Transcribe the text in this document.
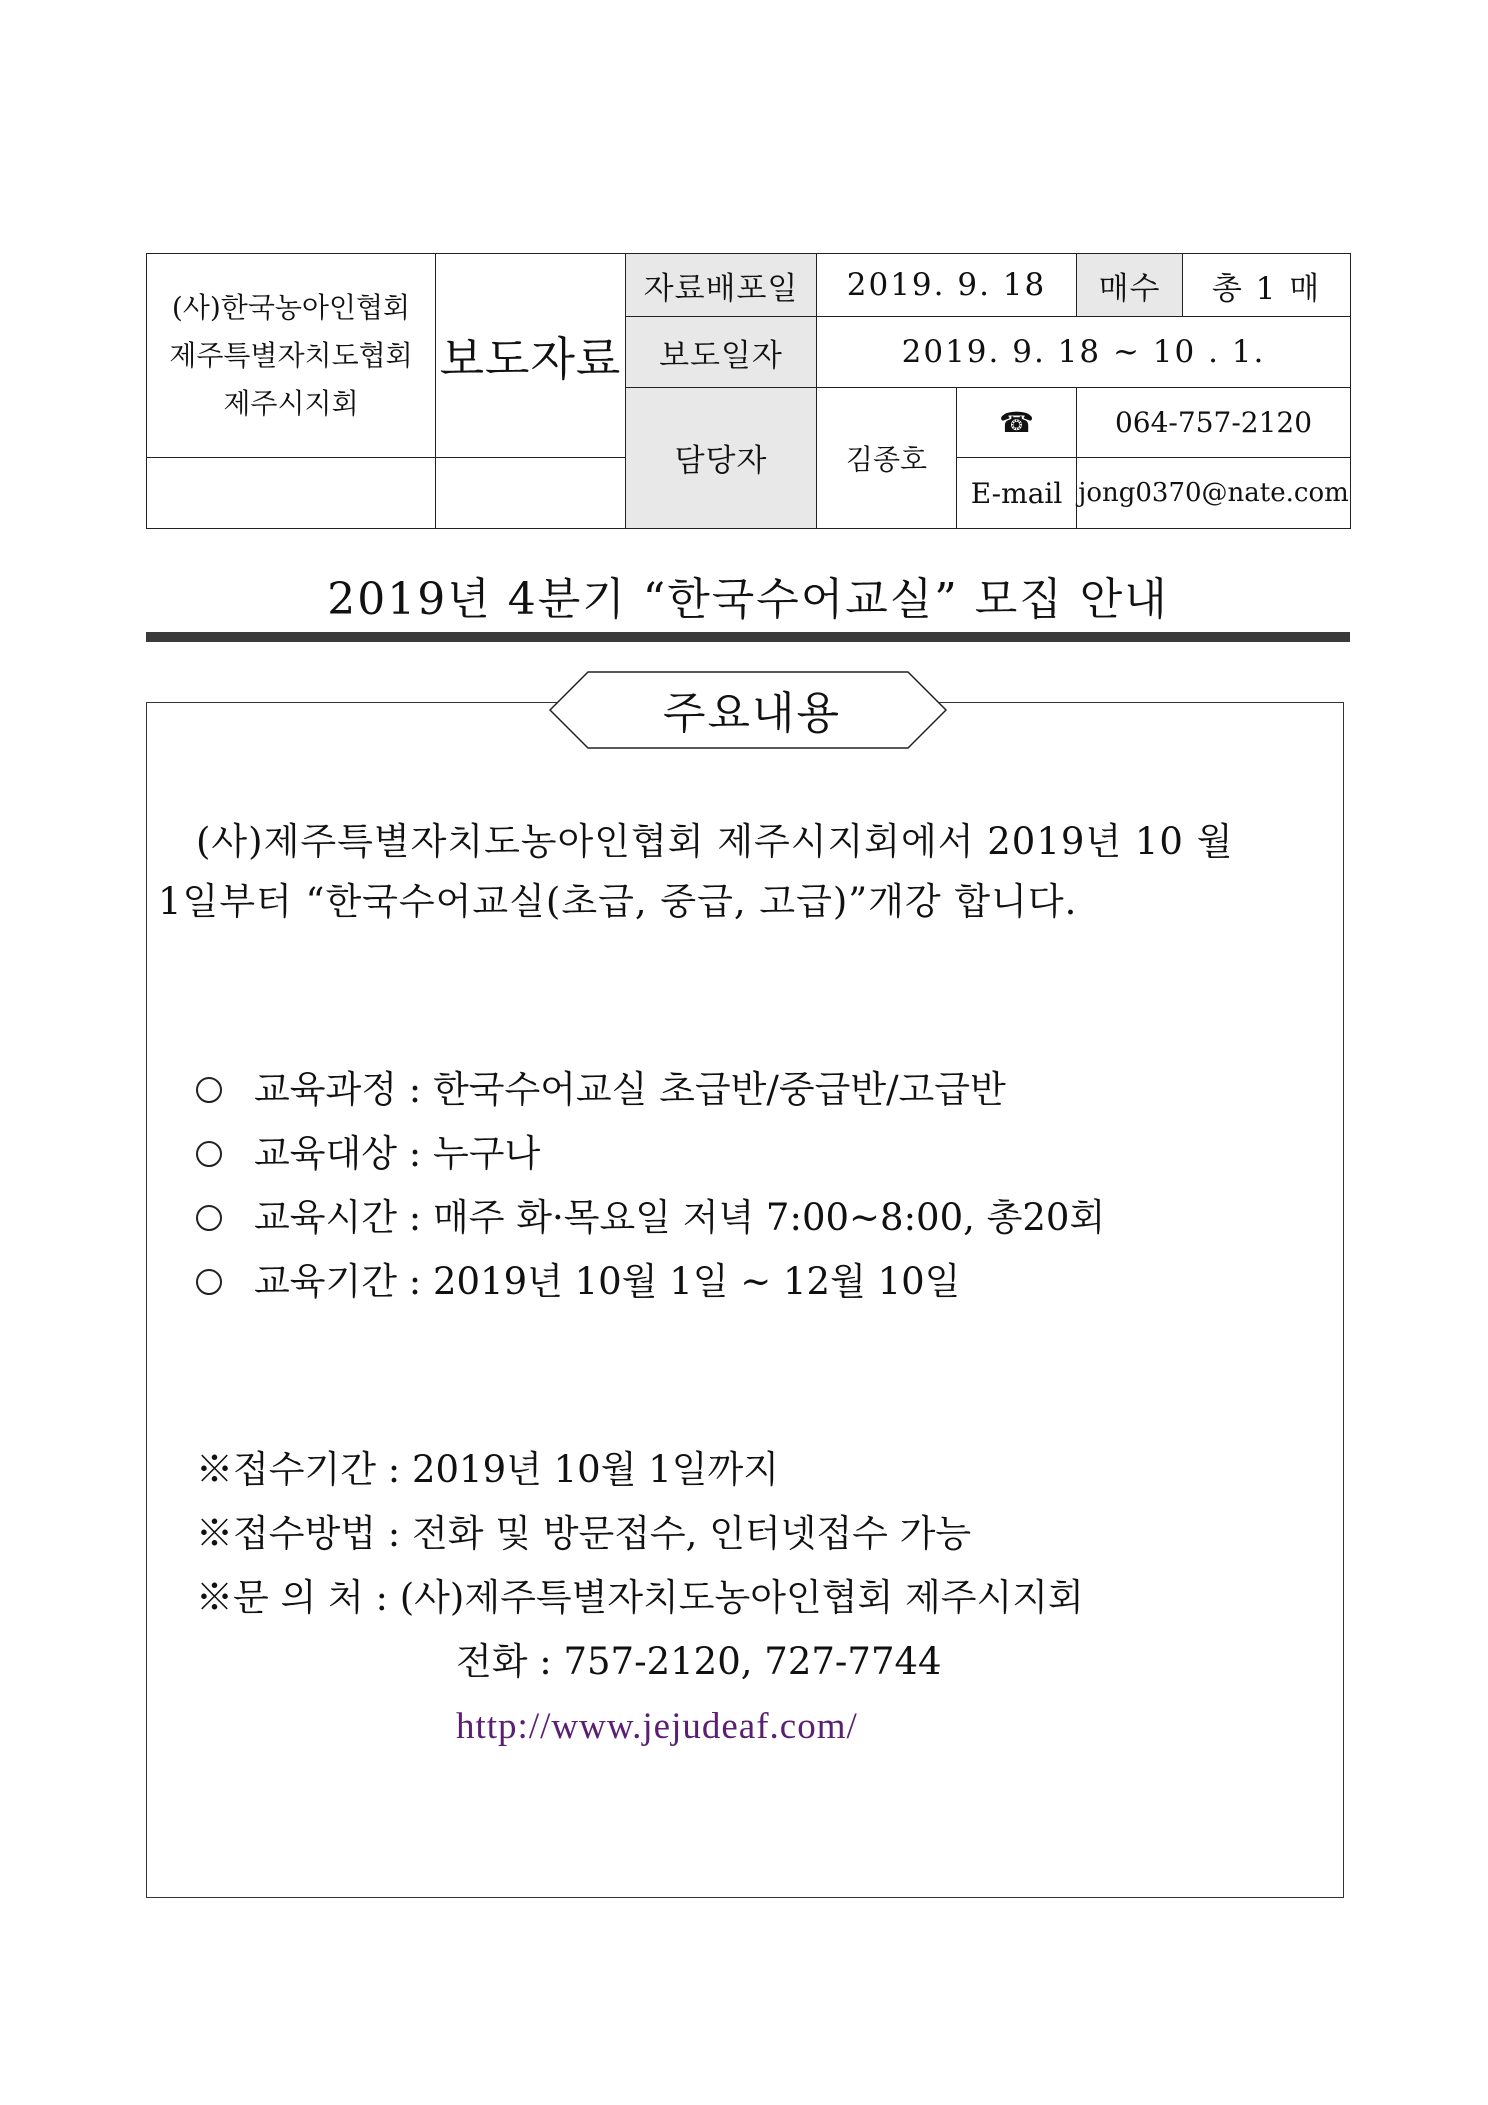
(사)한국농아인협회
제주특별자치도협회
제주시지회	보도자료	자료배포일	2019. 9. 18		매수	총 1 매
		보도일자	2019. 9. 18 ~ 10 . 1.			
		담당자	김종호	☎	064-757-2120	
				E-mail	jong0370@nate.com	
2019년 4분기 “한국수어교실” 모집 안내
주요내용
(사)제주특별자치도농아인협회 제주시지회에서 2019년 10 월
1일부터 “한국수어교실(초급, 중급, 고급)”개강 합니다.
교육과정 : 한국수어교실 초급반/중급반/고급반
교육대상 : 누구나
교육시간 : 매주 화·목요일 저녁 7:00~8:00, 총20회
교육기간 : 2019년 10월 1일 ~ 12월 10일
※접수기간 : 2019년 10월 1일까지
※접수방법 : 전화 및 방문접수, 인터넷접수 가능
※문 의 처 : (사)제주특별자치도농아인협회 제주시지회
전화 : 757-2120, 727-7744
http://www.jejudeaf.com/
